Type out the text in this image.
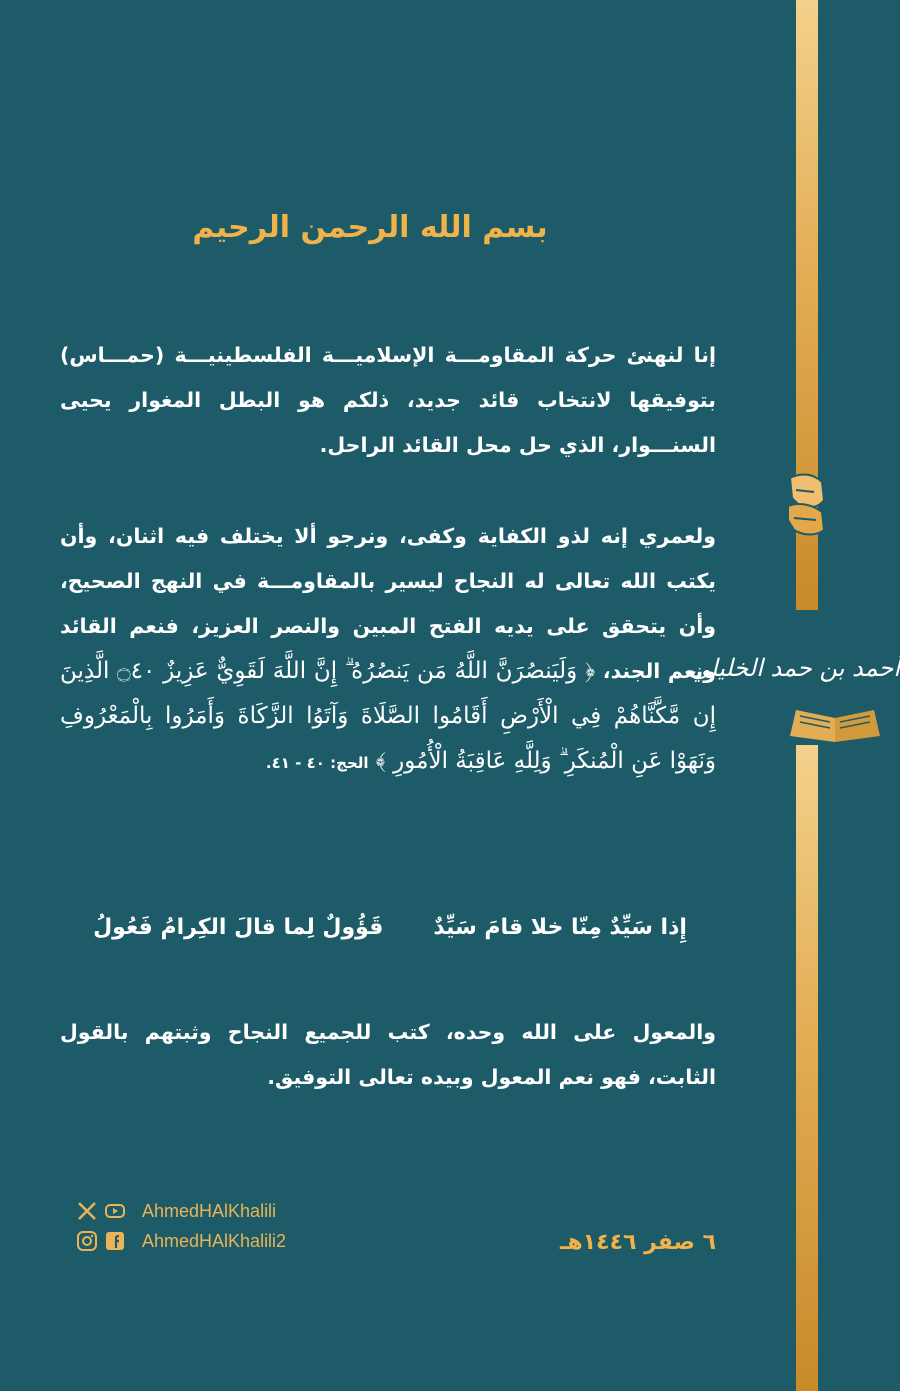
أحمد بن حمد الخليلي
بسم الله الرحمن الرحيم
إنا لنهنئ حركة المقاومـــة الإسلاميـــة الفلسطينيـــة (حمـــاس) بتوفيقها لانتخاب قائد جديد، ذلكم هو البطل المغوار يحيى السنـــوار، الذي حل محل القائد الراحل.
ولعمري إنه لذو الكفاية وكفى، ونرجو ألا يختلف فيه اثنان، وأن يكتب الله تعالى له النجاح ليسير بالمقاومـــة في النهج الصحيح، وأن يتحقق على يديه الفتح المبين والنصر العزيز، فنعم القائد ونعم الجند، ﴿ وَلَيَنصُرَنَّ اللَّهُ مَن يَنصُرُهُ ۗ إِنَّ اللَّهَ لَقَوِيٌّ عَزِيزٌ ۝٤٠ الَّذِينَ إِن مَّكَّنَّاهُمْ فِي الْأَرْضِ أَقَامُوا الصَّلَاةَ وَآتَوُا الزَّكَاةَ وَأَمَرُوا بِالْمَعْرُوفِ وَنَهَوْا عَنِ الْمُنكَرِ ۗ وَلِلَّهِ عَاقِبَةُ الْأُمُورِ ﴾ الحج: ٤٠ - ٤١.
إِذا سَيِّدٌ مِنّا خلا قامَ سَيِّدٌ
قَؤُولٌ لِما قالَ الكِرامُ فَعُولُ
والمعول على الله وحده، كتب للجميع النجاح وثبتهم بالقول الثابت، فهو نعم المعول وبيده تعالى التوفيق.
AhmedHAlKhalili
AhmedHAlKhalili2	٦ صفر ١٤٤٦هـ
